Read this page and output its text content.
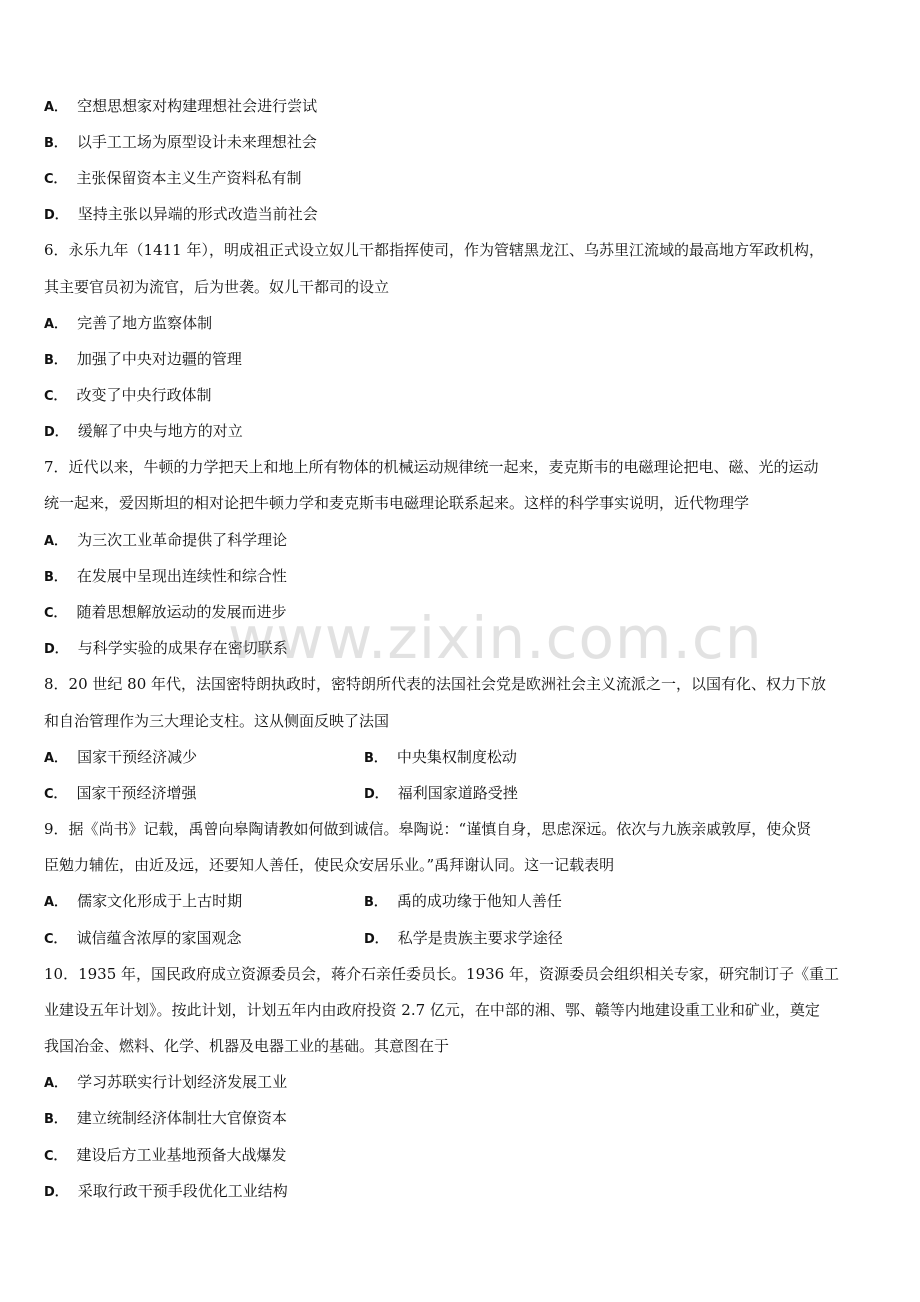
A． 空想思想家对构建理想社会进行尝试
B． 以手工工场为原型设计未来理想社会
C． 主张保留资本主义生产资料私有制
D． 坚持主张以异端的形式改造当前社会
6．永乐九年（1411 年），明成祖正式设立奴儿干都指挥使司，作为管辖黑龙江、乌苏里江流域的最高地方军政机构，
其主要官员初为流官，后为世袭。奴儿干都司的设立
A． 完善了地方监察体制
B． 加强了中央对边疆的管理
C． 改变了中央行政体制
D． 缓解了中央与地方的对立
7．近代以来，牛顿的力学把天上和地上所有物体的机械运动规律统一起来，麦克斯韦的电磁理论把电、磁、光的运动
统一起来，爱因斯坦的相对论把牛顿力学和麦克斯韦电磁理论联系起来。这样的科学事实说明，近代物理学
A． 为三次工业革命提供了科学理论
B． 在发展中呈现出连续性和综合性
C． 随着思想解放运动的发展而进步
D． 与科学实验的成果存在密切联系
8．20 世纪 80 年代，法国密特朗执政时，密特朗所代表的法国社会党是欧洲社会主义流派之一，以国有化、权力下放
和自治管理作为三大理论支柱。这从侧面反映了法国
A． 国家干预经济减少	B． 中央集权制度松动
C． 国家干预经济增强	D． 福利国家道路受挫
9．据《尚书》记载，禹曾向皋陶请教如何做到诚信。皋陶说：“谨慎自身，思虑深远。依次与九族亲戚敦厚，使众贤
臣勉力辅佐，由近及远，还要知人善任，使民众安居乐业。”禹拜谢认同。这一记载表明
A． 儒家文化形成于上古时期	B． 禹的成功缘于他知人善任
C． 诚信蕴含浓厚的家国观念	D． 私学是贵族主要求学途径
10．1935 年，国民政府成立资源委员会，蒋介石亲任委员长。1936 年，资源委员会组织相关专家，研究制订子《重工
业建设五年计划》。按此计划，计划五年内由政府投资 2.7 亿元，在中部的湘、鄂、赣等内地建设重工业和矿业，奠定
我国冶金、燃料、化学、机器及电器工业的基础。其意图在于
A． 学习苏联实行计划经济发展工业
B． 建立统制经济体制壮大官僚资本
C． 建设后方工业基地预备大战爆发
D． 采取行政干预手段优化工业结构
www.zixin.com.cn
